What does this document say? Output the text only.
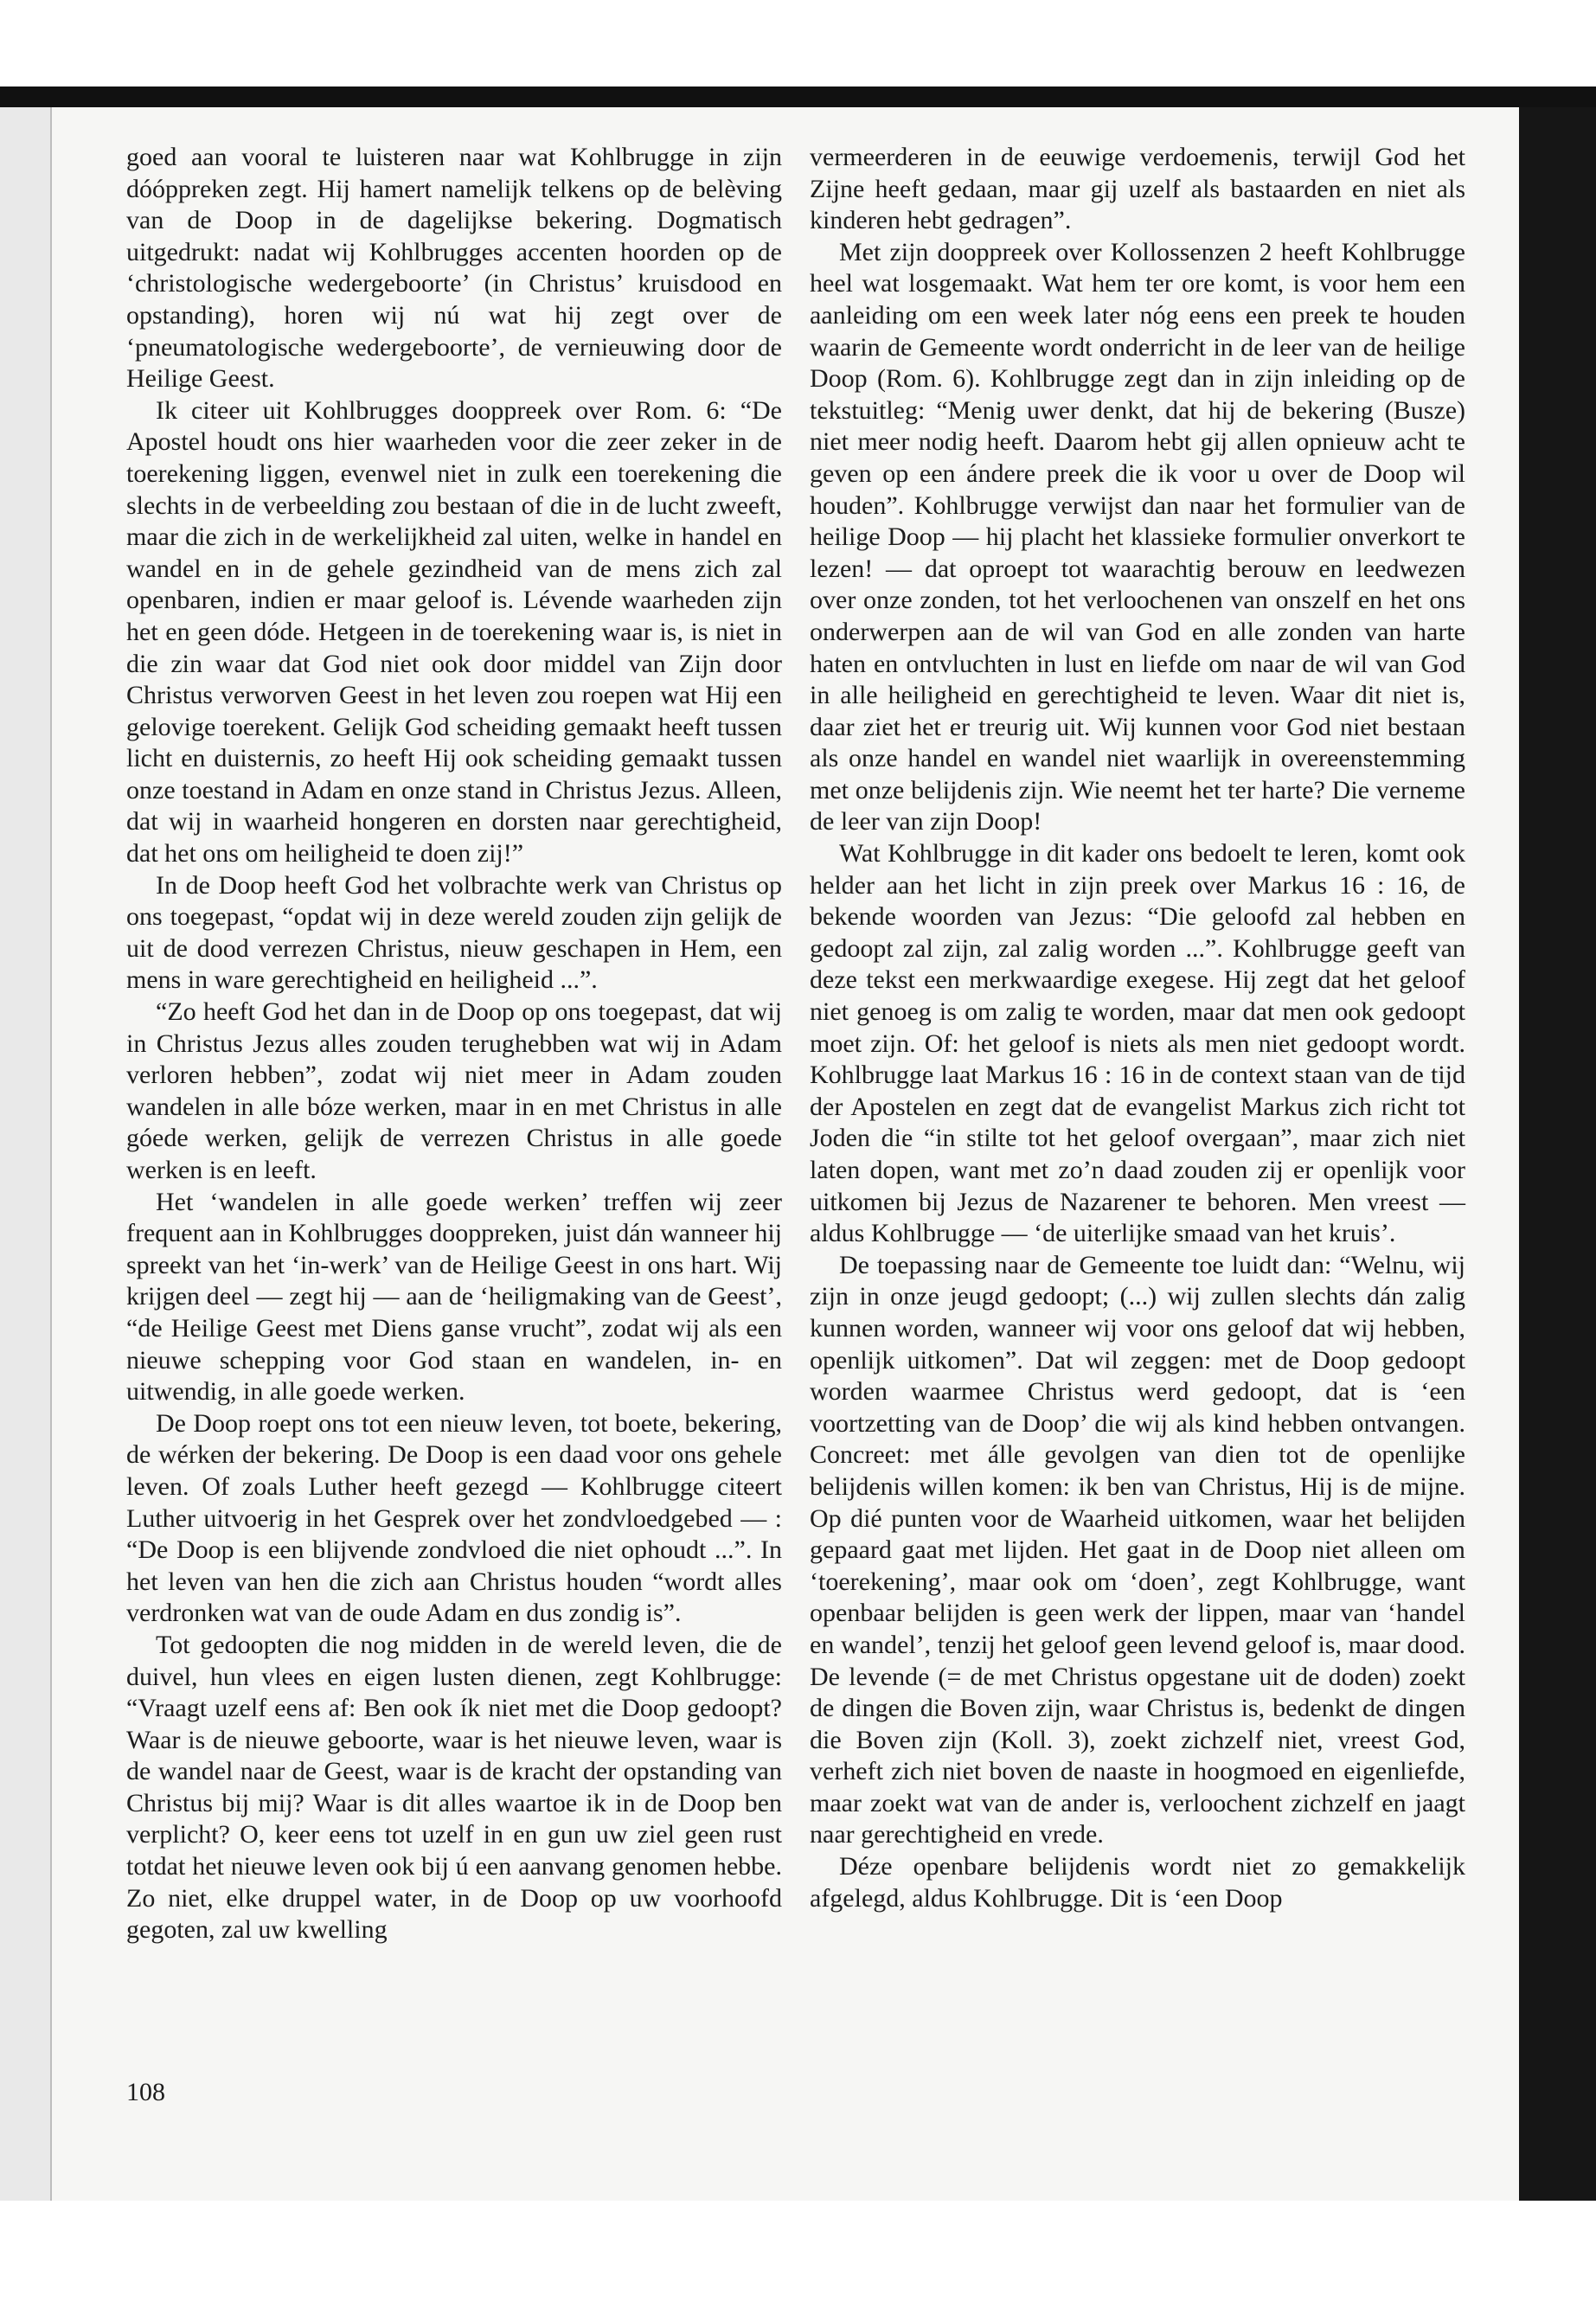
goed aan vooral te luisteren naar wat Kohlbrugge in zijn dóóppreken zegt. Hij hamert namelijk telkens op de belèving van de Doop in de dagelijkse bekering. Dogmatisch uitgedrukt: nadat wij Kohlbrugges accenten hoorden op de ‘christologische wedergeboorte’ (in Christus’ kruisdood en opstanding), horen wij nú wat hij zegt over de ‘pneumatologische wedergeboorte’, de vernieuwing door de Heilige Geest.

Ik citeer uit Kohlbrugges dooppreek over Rom. 6: “De Apostel houdt ons hier waarheden voor die zeer zeker in de toerekening liggen, evenwel niet in zulk een toerekening die slechts in de verbeelding zou bestaan of die in de lucht zweeft, maar die zich in de werkelijkheid zal uiten, welke in handel en wandel en in de gehele gezindheid van de mens zich zal openbaren, indien er maar geloof is. Lévende waarheden zijn het en geen dóde. Hetgeen in de toerekening waar is, is niet in die zin waar dat God niet ook door middel van Zijn door Christus verworven Geest in het leven zou roepen wat Hij een gelovige toerekent. Gelijk God scheiding gemaakt heeft tussen licht en duisternis, zo heeft Hij ook scheiding gemaakt tussen onze toestand in Adam en onze stand in Christus Jezus. Alleen, dat wij in waarheid hongeren en dorsten naar gerechtigheid, dat het ons om heiligheid te doen zij!”

In de Doop heeft God het volbrachte werk van Christus op ons toegepast, “opdat wij in deze wereld zouden zijn gelijk de uit de dood verrezen Christus, nieuw geschapen in Hem, een mens in ware gerechtigheid en heiligheid ...”.

“Zo heeft God het dan in de Doop op ons toegepast, dat wij in Christus Jezus alles zouden terughebben wat wij in Adam verloren hebben”, zodat wij niet meer in Adam zouden wandelen in alle bóze werken, maar in en met Christus in alle góede werken, gelijk de verrezen Christus in alle goede werken is en leeft.

Het ‘wandelen in alle goede werken’ treffen wij zeer frequent aan in Kohlbrugges dooppreken, juist dán wanneer hij spreekt van het ‘in-werk’ van de Heilige Geest in ons hart. Wij krijgen deel — zegt hij — aan de ‘heiligmaking van de Geest’, “de Heilige Geest met Diens ganse vrucht”, zodat wij als een nieuwe schepping voor God staan en wandelen, in- en uitwendig, in alle goede werken.

De Doop roept ons tot een nieuw leven, tot boete, bekering, de wérken der bekering. De Doop is een daad voor ons gehele leven. Of zoals Luther heeft gezegd — Kohlbrugge citeert Luther uitvoerig in het Gesprek over het zondvloedgebed — : “De Doop is een blijvende zondvloed die niet ophoudt ...”. In het leven van hen die zich aan Christus houden “wordt alles verdronken wat van de oude Adam en dus zondig is”.

Tot gedoopten die nog midden in de wereld leven, die de duivel, hun vlees en eigen lusten dienen, zegt Kohlbrugge: “Vraagt uzelf eens af: Ben ook ík niet met die Doop gedoopt? Waar is de nieuwe geboorte, waar is het nieuwe leven, waar is de wandel naar de Geest, waar is de kracht der opstanding van Christus bij mij? Waar is dit alles waartoe ik in de Doop ben verplicht? O, keer eens tot uzelf in en gun uw ziel geen rust totdat het nieuwe leven ook bij ú een aanvang genomen hebbe. Zo niet, elke druppel water, in de Doop op uw voorhoofd gegoten, zal uw kwelling

vermeerderen in de eeuwige verdoemenis, terwijl God het Zijne heeft gedaan, maar gij uzelf als bastaarden en niet als kinderen hebt gedragen”.

Met zijn dooppreek over Kollossenzen 2 heeft Kohlbrugge heel wat losgemaakt. Wat hem ter ore komt, is voor hem een aanleiding om een week later nóg eens een preek te houden waarin de Gemeente wordt onderricht in de leer van de heilige Doop (Rom. 6). Kohlbrugge zegt dan in zijn inleiding op de tekstuitleg: “Menig uwer denkt, dat hij de bekering (Busze) niet meer nodig heeft. Daarom hebt gij allen opnieuw acht te geven op een ándere preek die ik voor u over de Doop wil houden”. Kohlbrugge verwijst dan naar het formulier van de heilige Doop — hij placht het klassieke formulier onverkort te lezen! — dat oproept tot waarachtig berouw en leedwezen over onze zonden, tot het verloochenen van onszelf en het ons onderwerpen aan de wil van God en alle zonden van harte haten en ontvluchten in lust en liefde om naar de wil van God in alle heiligheid en gerechtigheid te leven. Waar dit niet is, daar ziet het er treurig uit. Wij kunnen voor God niet bestaan als onze handel en wandel niet waarlijk in overeenstemming met onze belijdenis zijn. Wie neemt het ter harte? Die verneme de leer van zijn Doop!

Wat Kohlbrugge in dit kader ons bedoelt te leren, komt ook helder aan het licht in zijn preek over Markus 16 : 16, de bekende woorden van Jezus: “Die geloofd zal hebben en gedoopt zal zijn, zal zalig worden ...”. Kohlbrugge geeft van deze tekst een merkwaardige exegese. Hij zegt dat het geloof niet genoeg is om zalig te worden, maar dat men ook gedoopt moet zijn. Of: het geloof is niets als men niet gedoopt wordt. Kohlbrugge laat Markus 16 : 16 in de context staan van de tijd der Apostelen en zegt dat de evangelist Markus zich richt tot Joden die “in stilte tot het geloof overgaan”, maar zich niet laten dopen, want met zo’n daad zouden zij er openlijk voor uitkomen bij Jezus de Nazarener te behoren. Men vreest — aldus Kohlbrugge — ‘de uiterlijke smaad van het kruis’.

De toepassing naar de Gemeente toe luidt dan: “Welnu, wij zijn in onze jeugd gedoopt; (...) wij zullen slechts dán zalig kunnen worden, wanneer wij voor ons geloof dat wij hebben, openlijk uitkomen”. Dat wil zeggen: met de Doop gedoopt worden waarmee Christus werd gedoopt, dat is ‘een voortzetting van de Doop’ die wij als kind hebben ontvangen. Concreet: met álle gevolgen van dien tot de openlijke belijdenis willen komen: ik ben van Christus, Hij is de mijne. Op dié punten voor de Waarheid uitkomen, waar het belijden gepaard gaat met lijden. Het gaat in de Doop niet alleen om ‘toerekening’, maar ook om ‘doen’, zegt Kohlbrugge, want openbaar belijden is geen werk der lippen, maar van ‘handel en wandel’, tenzij het geloof geen levend geloof is, maar dood. De levende (= de met Christus opgestane uit de doden) zoekt de dingen die Boven zijn, waar Christus is, bedenkt de dingen die Boven zijn (Koll. 3), zoekt zichzelf niet, vreest God, verheft zich niet boven de naaste in hoogmoed en eigenliefde, maar zoekt wat van de ander is, verloochent zichzelf en jaagt naar gerechtigheid en vrede.

Déze openbare belijdenis wordt niet zo gemakkelijk afgelegd, aldus Kohlbrugge. Dit is ‘een Doop

108
